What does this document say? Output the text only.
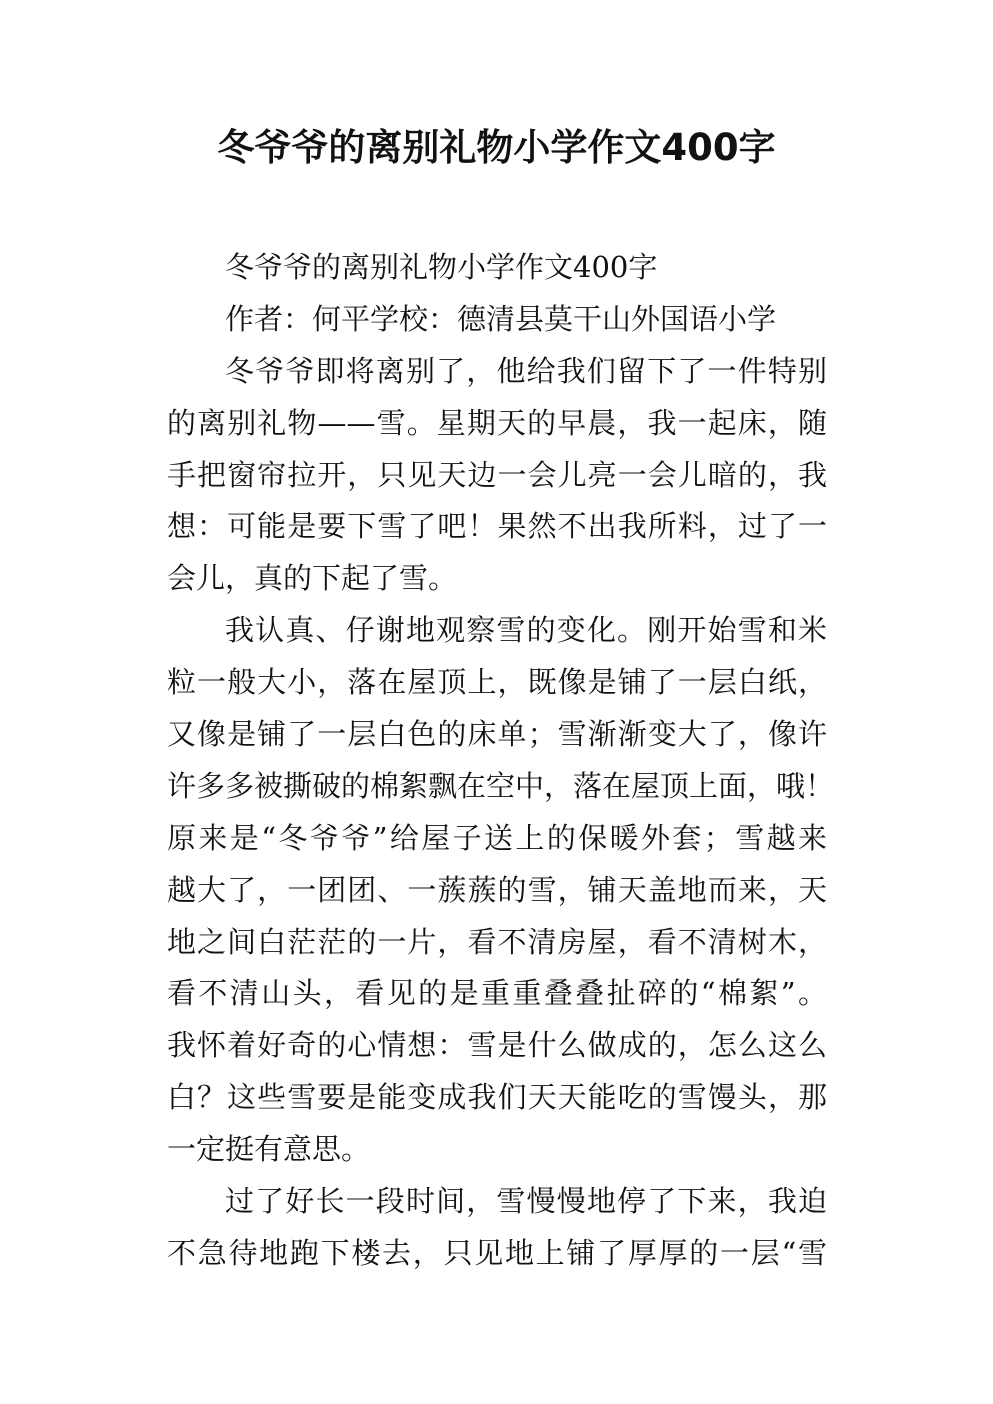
冬爷爷的离别礼物小学作文400字
冬爷爷的离别礼物小学作文400字
作者：何平学校：德清县莫干山外国语小学
冬爷爷即将离别了，他给我们留下了一件特别
的离别礼物——雪。星期天的早晨，我一起床，随
手把窗帘拉开，只见天边一会儿亮一会儿暗的，我
想：可能是要下雪了吧！果然不出我所料，过了一
会儿，真的下起了雪。
我认真、仔谢地观察雪的变化。刚开始雪和米
粒一般大小，落在屋顶上，既像是铺了一层白纸，
又像是铺了一层白色的床单；雪渐渐变大了，像许
许多多被撕破的棉絮飘在空中，落在屋顶上面，哦！
原来是“冬爷爷”给屋子送上的保暖外套；雪越来
越大了，一团团、一蔟蔟的雪，铺天盖地而来，天
地之间白茫茫的一片，看不清房屋，看不清树木，
看不清山头，看见的是重重叠叠扯碎的“棉絮”。
我怀着好奇的心情想：雪是什么做成的，怎么这么
白？这些雪要是能变成我们天天能吃的雪馒头，那
一定挺有意思。
过了好长一段时间，雪慢慢地停了下来，我迫
不急待地跑下楼去，只见地上铺了厚厚的一层“雪
